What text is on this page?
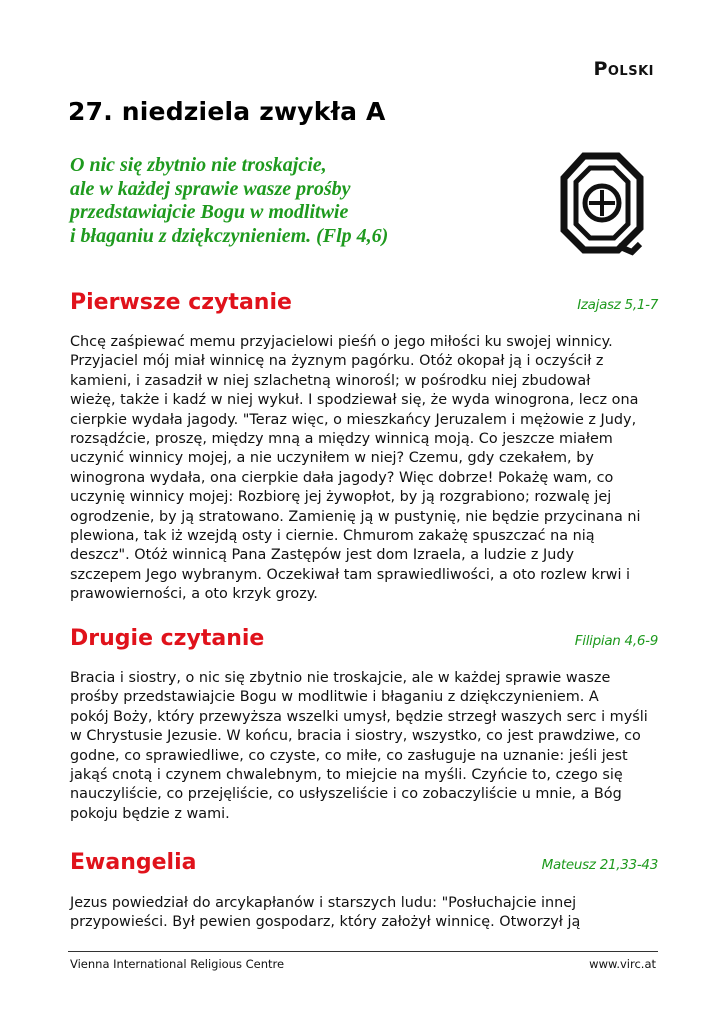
Polski
27. niedziela zwykła A
O nic się zbytnio nie troskajcie,
ale w każdej sprawie wasze prośby
przedstawiajcie Bogu w modlitwie
i błaganiu z dziękczynieniem. (Flp 4,6)
Pierwsze czytanie	Izajasz 5,1-7
Chcę zaśpiewać memu przyjacielowi pieśń o jego miłości ku swojej winnicy.
Przyjaciel mój miał winnicę na żyznym pagórku. Otóż okopał ją i oczyścił z
kamieni, i zasadził w niej szlachetną winorośl; w pośrodku niej zbudował
wieżę, także i kadź w niej wykuł. I spodziewał się, że wyda winogrona, lecz ona
cierpkie wydała jagody. "Teraz więc, o mieszkańcy Jeruzalem i mężowie z Judy,
rozsądźcie, proszę, między mną a między winnicą moją. Co jeszcze miałem
uczynić winnicy mojej, a nie uczyniłem w niej? Czemu, gdy czekałem, by
winogrona wydała, ona cierpkie dała jagody? Więc dobrze! Pokażę wam, co
uczynię winnicy mojej: Rozbiorę jej żywopłot, by ją rozgrabiono; rozwalę jej
ogrodzenie, by ją stratowano. Zamienię ją w pustynię, nie będzie przycinana ni
plewiona, tak iż wzejdą osty i ciernie. Chmurom zakażę spuszczać na nią
deszcz". Otóż winnicą Pana Zastępów jest dom Izraela, a ludzie z Judy
szczepem Jego wybranym. Oczekiwał tam sprawiedliwości, a oto rozlew krwi i
prawowierności, a oto krzyk grozy.
Drugie czytanie	Filipian 4,6-9
Bracia i siostry, o nic się zbytnio nie troskajcie, ale w każdej sprawie wasze
prośby przedstawiajcie Bogu w modlitwie i błaganiu z dziękczynieniem. A
pokój Boży, który przewyższa wszelki umysł, będzie strzegł waszych serc i myśli
w Chrystusie Jezusie. W końcu, bracia i siostry, wszystko, co jest prawdziwe, co
godne, co sprawiedliwe, co czyste, co miłe, co zasługuje na uznanie: jeśli jest
jakąś cnotą i czynem chwalebnym, to miejcie na myśli. Czyńcie to, czego się
nauczyliście, co przejęliście, co usłyszeliście i co zobaczyliście u mnie, a Bóg
pokoju będzie z wami.
Ewangelia	Mateusz 21,33-43
Jezus powiedział do arcykapłanów i starszych ludu: "Posłuchajcie innej
przypowieści. Był pewien gospodarz, który założył winnicę. Otworzył ją
Vienna International Religious Centre	www.virc.at
